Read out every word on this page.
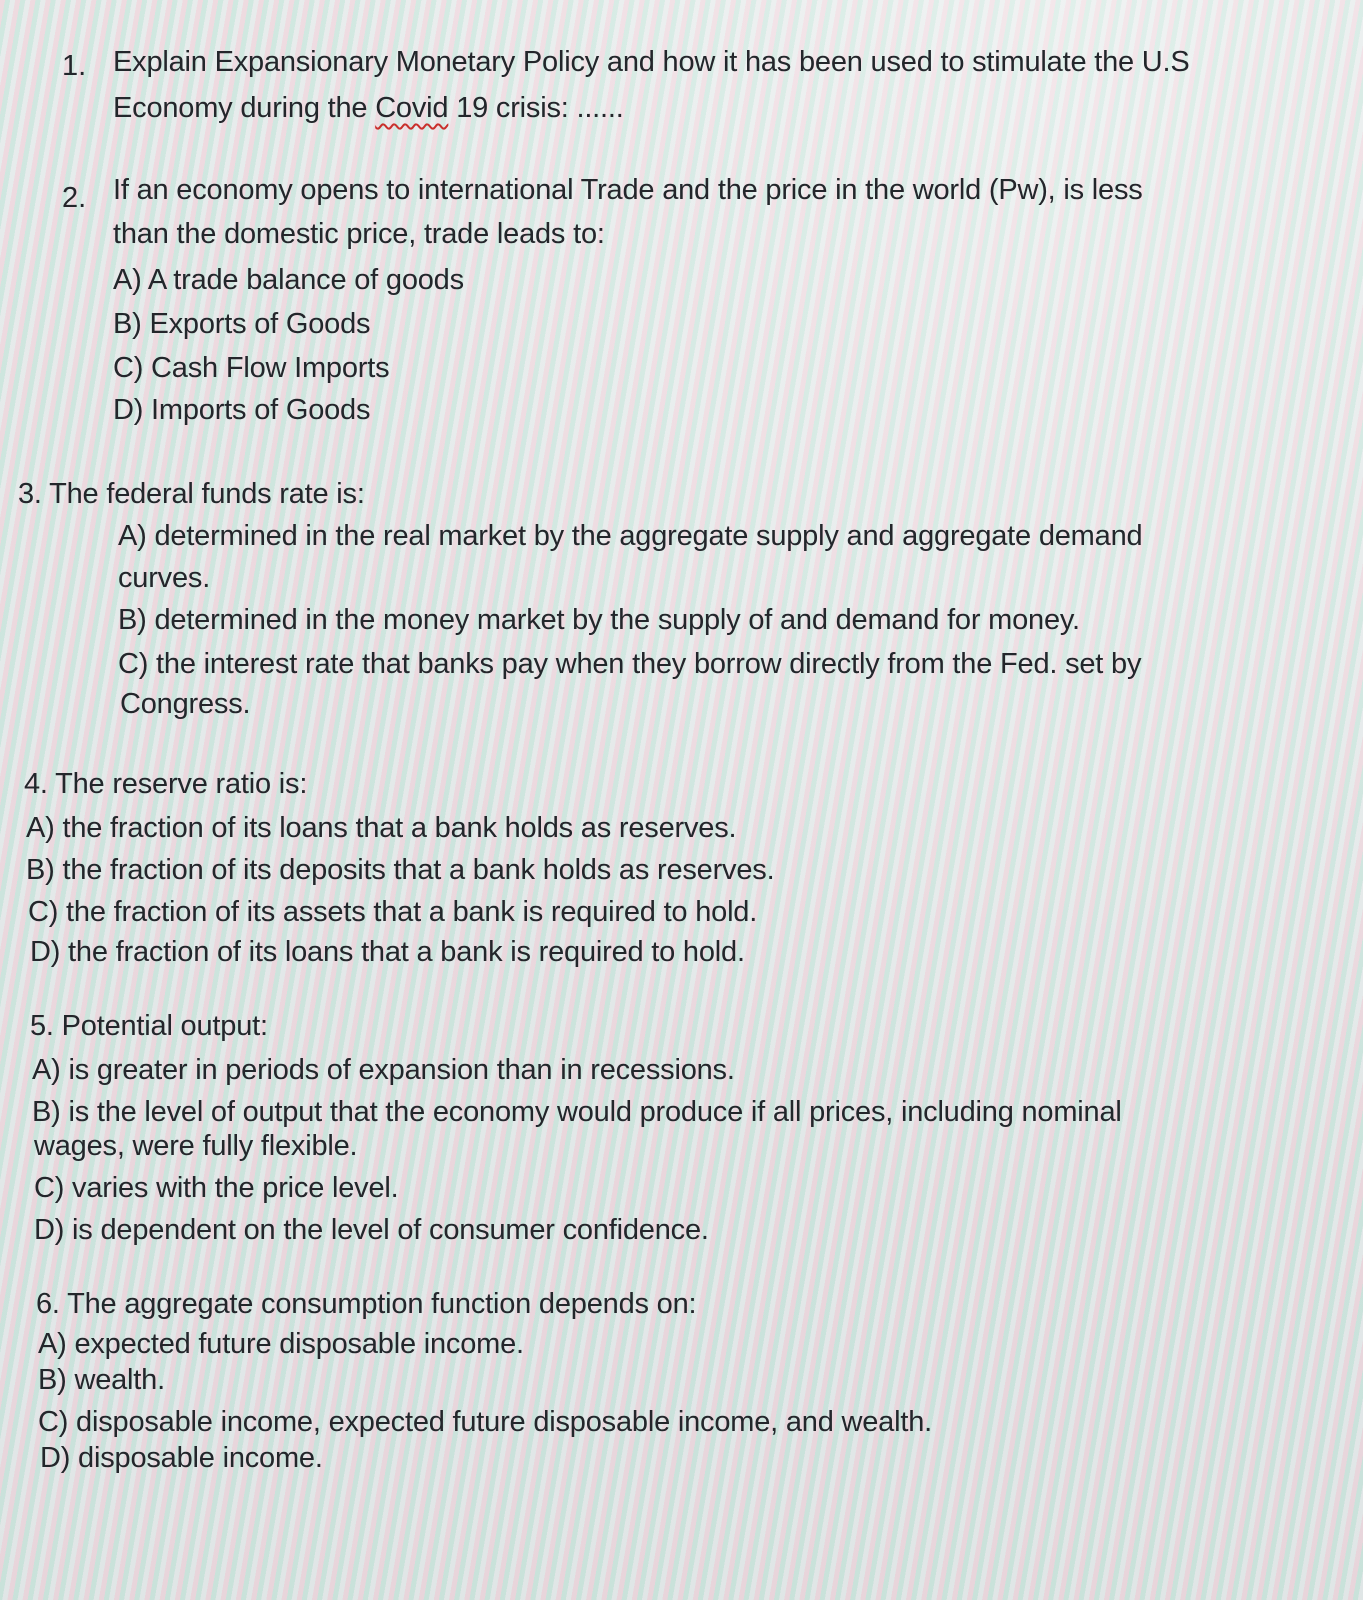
1. Explain Expansionary Monetary Policy and how it has been used to stimulate the U.S
Economy during the Covid 19 crisis: ......
2. If an economy opens to international Trade and the price in the world (Pw), is less
than the domestic price, trade leads to:
A) A trade balance of goods
B) Exports of Goods
C) Cash Flow Imports
D) Imports of Goods
3. The federal funds rate is:
A) determined in the real market by the aggregate supply and aggregate demand
curves.
B) determined in the money market by the supply of and demand for money.
C) the interest rate that banks pay when they borrow directly from the Fed. set by
Congress.
4. The reserve ratio is:
A) the fraction of its loans that a bank holds as reserves.
B) the fraction of its deposits that a bank holds as reserves.
C) the fraction of its assets that a bank is required to hold.
D) the fraction of its loans that a bank is required to hold.
5. Potential output:
A) is greater in periods of expansion than in recessions.
B) is the level of output that the economy would produce if all prices, including nominal
wages, were fully flexible.
C) varies with the price level.
D) is dependent on the level of consumer confidence.
6. The aggregate consumption function depends on:
A) expected future disposable income.
B) wealth.
C) disposable income, expected future disposable income, and wealth.
D) disposable income.
